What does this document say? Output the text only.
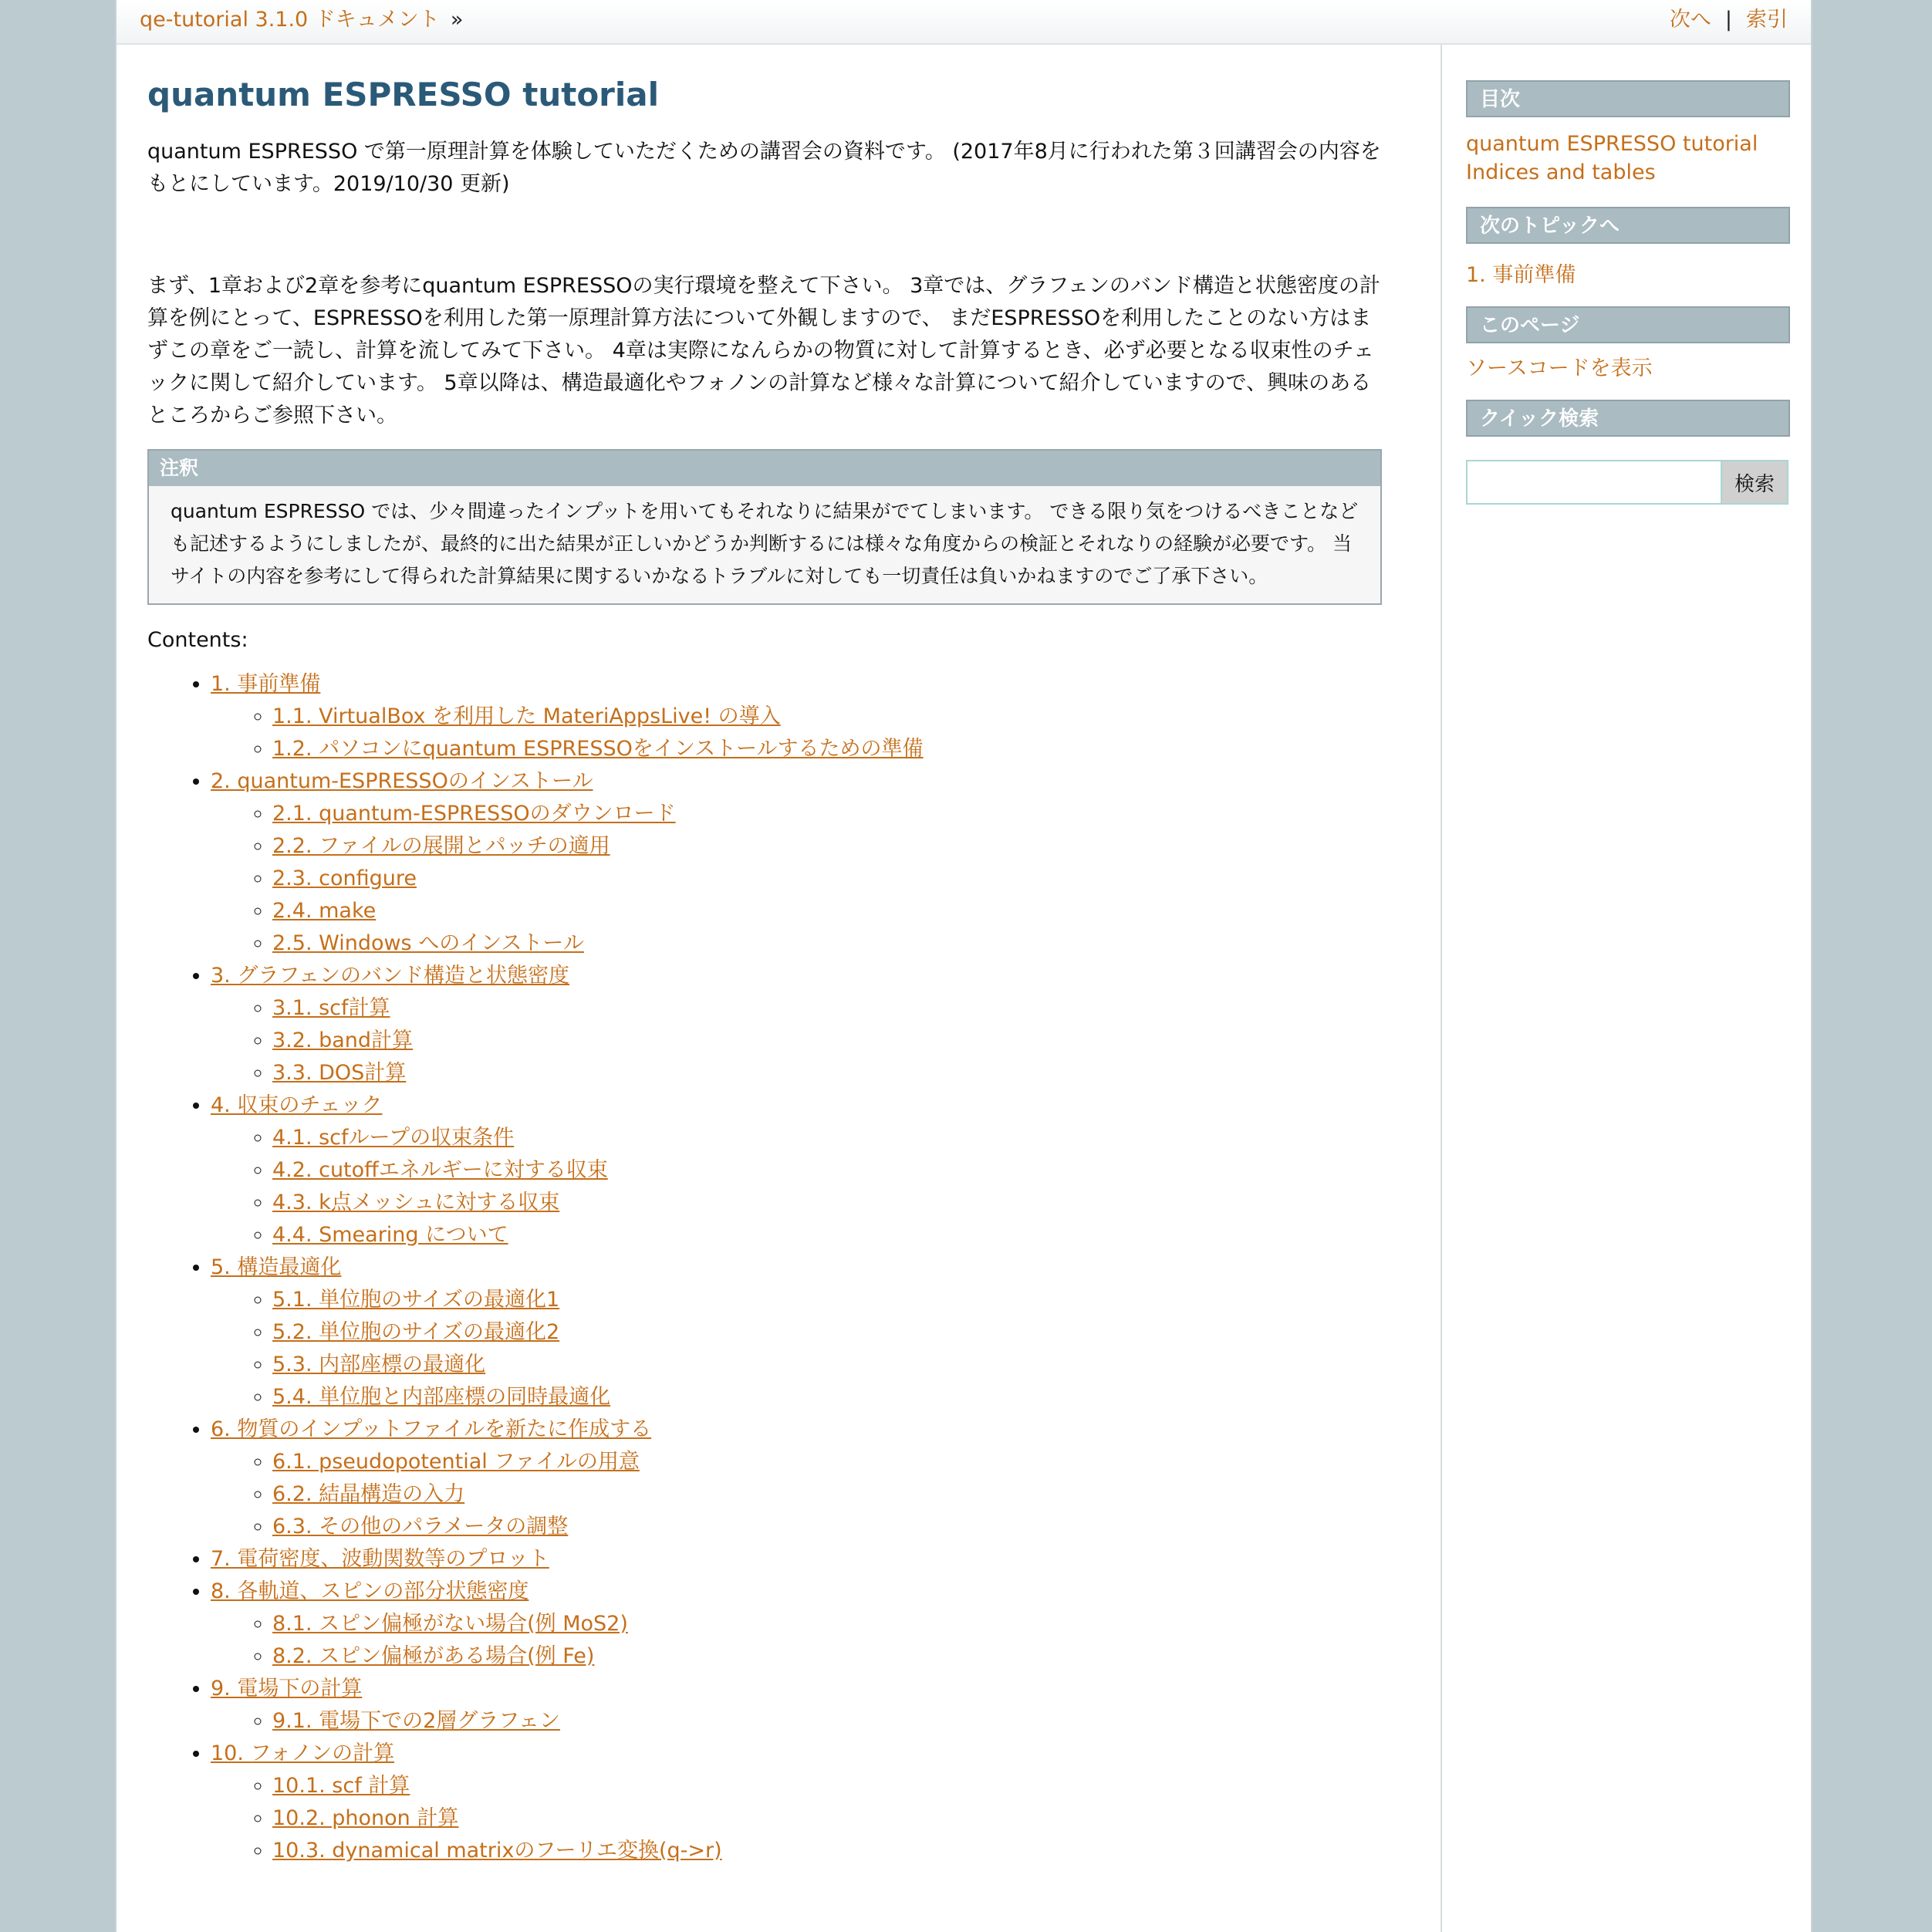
qe-tutorial 3.1.0 ドキュメント »	次へ | 索引
quantum ESPRESSO tutorial
quantum ESPRESSO で第一原理計算を体験していただくための講習会の資料です。 (2017年8月に行われた第３回講習会の内容をもとにしています。2019/10/30 更新)
まず、1章および2章を参考にquantum ESPRESSOの実行環境を整えて下さい。 3章では、グラフェンのバンド構造と状態密度の計算を例にとって、ESPRESSOを利用した第一原理計算方法について外観しますので、 まだESPRESSOを利用したことのない方はまずこの章をご一読し、計算を流してみて下さい。 4章は実際になんらかの物質に対して計算するとき、必ず必要となる収束性のチェックに関して紹介しています。 5章以降は、構造最適化やフォノンの計算など様々な計算について紹介していますので、興味のあるところからご参照下さい。
注釈
quantum ESPRESSO では、少々間違ったインプットを用いてもそれなりに結果がでてしまいます。 できる限り気をつけるべきことなども記述するようにしましたが、最終的に出た結果が正しいかどうか判断するには様々な角度からの検証とそれなりの経験が必要です。 当サイトの内容を参考にして得られた計算結果に関するいかなるトラブルに対しても一切責任は負いかねますのでご了承下さい。
Contents:
• 1. 事前準備
◦ 1.1. VirtualBox を利用した MateriAppsLive! の導入
◦ 1.2. パソコンにquantum ESPRESSOをインストールするための準備
• 2. quantum-ESPRESSOのインストール
◦ 2.1. quantum-ESPRESSOのダウンロード
◦ 2.2. ファイルの展開とパッチの適用
◦ 2.3. configure
◦ 2.4. make
◦ 2.5. Windows へのインストール
• 3. グラフェンのバンド構造と状態密度
◦ 3.1. scf計算
◦ 3.2. band計算
◦ 3.3. DOS計算
• 4. 収束のチェック
◦ 4.1. scfループの収束条件
◦ 4.2. cutoffエネルギーに対する収束
◦ 4.3. k点メッシュに対する収束
◦ 4.4. Smearing について
• 5. 構造最適化
◦ 5.1. 単位胞のサイズの最適化1
◦ 5.2. 単位胞のサイズの最適化2
◦ 5.3. 内部座標の最適化
◦ 5.4. 単位胞と内部座標の同時最適化
• 6. 物質のインプットファイルを新たに作成する
◦ 6.1. pseudopotential ファイルの用意
◦ 6.2. 結晶構造の入力
◦ 6.3. その他のパラメータの調整
• 7. 電荷密度、波動関数等のプロット
• 8. 各軌道、スピンの部分状態密度
◦ 8.1. スピン偏極がない場合(例 MoS2)
◦ 8.2. スピン偏極がある場合(例 Fe)
• 9. 電場下の計算
◦ 9.1. 電場下での2層グラフェン
• 10. フォノンの計算
◦ 10.1. scf 計算
◦ 10.2. phonon 計算
◦ 10.3. dynamical matrixのフーリエ変換(q->r)
目次
quantum ESPRESSO tutorial
Indices and tables
次のトピックへ
1. 事前準備
このページ
ソースコードを表示
クイック検索
検索
